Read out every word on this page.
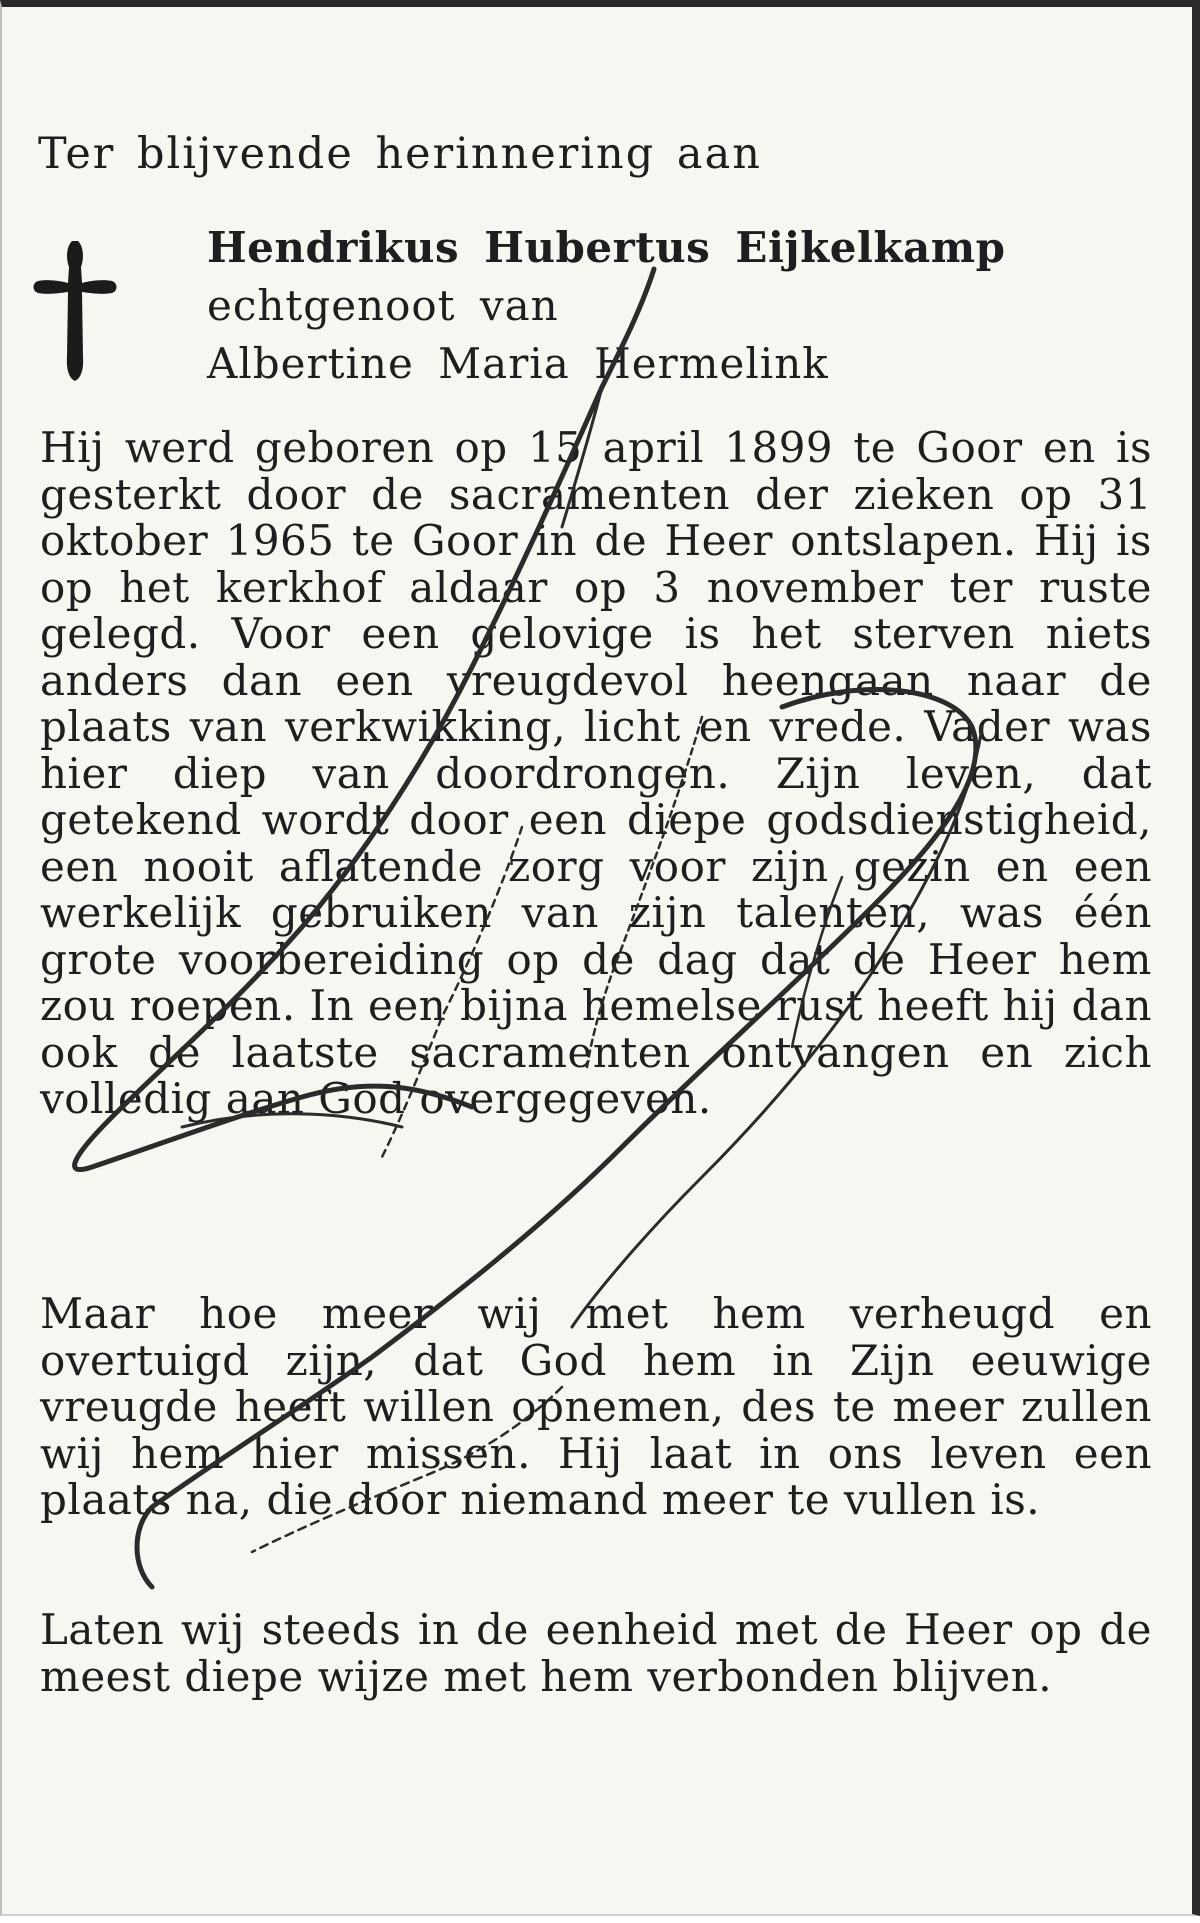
Ter blijvende herinnering aan

Hendrikus Hubertus Eijkelkamp
echtgenoot van
Albertine Maria Hermelink

Hij werd geboren op 15 april 1899 te Goor en is gesterkt door de sacramenten der zieken op 31 oktober 1965 te Goor in de Heer ontslapen. Hij is op het kerkhof aldaar op 3 november ter ruste gelegd. Voor een gelovige is het sterven niets anders dan een vreugdevol heengaan naar de plaats van verkwikking, licht en vrede. Vader was hier diep van doordrongen. Zijn leven, dat getekend wordt door een diepe godsdienstigheid, een nooit aflatende zorg voor zijn gezin en een werkelijk gebruiken van zijn talenten, was één grote voorbereiding op de dag dat de Heer hem zou roepen. In een bijna hemelse rust heeft hij dan ook de laatste sacramenten ontvangen en zich volledig aan God overgegeven.

Maar hoe meer wij met hem verheugd en overtuigd zijn, dat God hem in Zijn eeuwige vreugde heeft willen opnemen, des te meer zullen wij hem hier missen. Hij laat in ons leven een plaats na, die door niemand meer te vullen is.

Laten wij steeds in de eenheid met de Heer op de meest diepe wijze met hem verbonden blijven.
